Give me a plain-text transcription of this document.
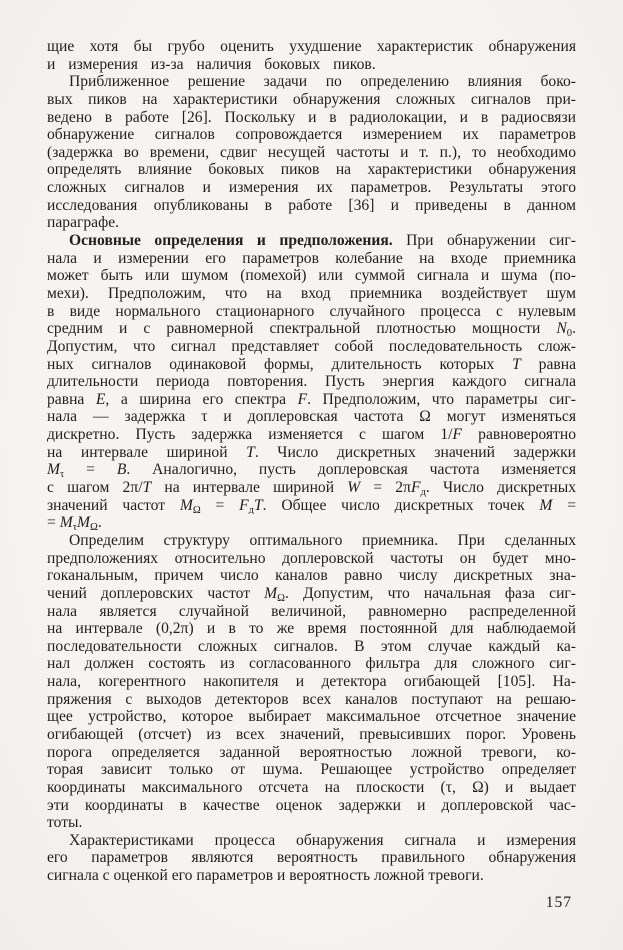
щие хотя бы грубо оценить ухудшение характеристик обнаружения
и измерения из-за наличия боковых пиков.
Приближенное решение задачи по определению влияния боко-
вых пиков на характеристики обнаружения сложных сигналов при-
ведено в работе [26]. Поскольку и в радиолокации, и в радиосвязи
обнаружение сигналов сопровождается измерением их параметров
(задержка во времени, сдвиг несущей частоты и т. п.), то необходимо
определять влияние боковых пиков на характеристики обнаружения
сложных сигналов и измерения их параметров. Результаты этого
исследования опубликованы в работе [36] и приведены в данном
параграфе.
Основные определения и предположения. При обнаружении сиг-
нала и измерении его параметров колебание на входе приемника
может быть или шумом (помехой) или суммой сигнала и шума (по-
мехи). Предположим, что на вход приемника воздействует шум
в виде нормального стационарного случайного процесса с нулевым
средним и с равномерной спектральной плотностью мощности $N_0$.
Допустим, что сигнал представляет собой последовательность слож-
ных сигналов одинаковой формы, длительность которых T равна
длительности периода повторения. Пусть энергия каждого сигнала
равна E, а ширина его спектра F. Предположим, что параметры сиг-
нала — задержка τ и доплеровская частота Ω могут изменяться
дискретно. Пусть задержка изменяется с шагом 1/F равновероятно
на интервале шириной T. Число дискретных значений задержки
$M_\tau = B$. Аналогично, пусть доплеровская частота изменяется
с шагом 2π/T на интервале шириной $W = 2\pi F_д$. Число дискретных
значений частот $M_\Omega = F_дT$. Общее число дискретных точек M =
= $M_\tau M_\Omega$.
Определим структуру оптимального приемника. При сделанных
предположениях относительно доплеровской частоты он будет мно-
гоканальным, причем число каналов равно числу дискретных зна-
чений доплеровских частот $M_\Omega$. Допустим, что начальная фаза сиг-
нала является случайной величиной, равномерно распределенной
на интервале (0,2π) и в то же время постоянной для наблюдаемой
последовательности сложных сигналов. В этом случае каждый ка-
нал должен состоять из согласованного фильтра для сложного сиг-
нала, когерентного накопителя и детектора огибающей [105]. На-
пряжения с выходов детекторов всех каналов поступают на решаю-
щее устройство, которое выбирает максимальное отсчетное значение
огибающей (отсчет) из всех значений, превысивших порог. Уровень
порога определяется заданной вероятностью ложной тревоги, ко-
торая зависит только от шума. Решающее устройство определяет
координаты максимального отсчета на плоскости (τ, Ω) и выдает
эти координаты в качестве оценок задержки и доплеровской час-
тоты.
Характеристиками процесса обнаружения сигнала и измерения
его параметров являются вероятность правильного обнаружения
сигнала с оценкой его параметров и вероятность ложной тревоги.
157
